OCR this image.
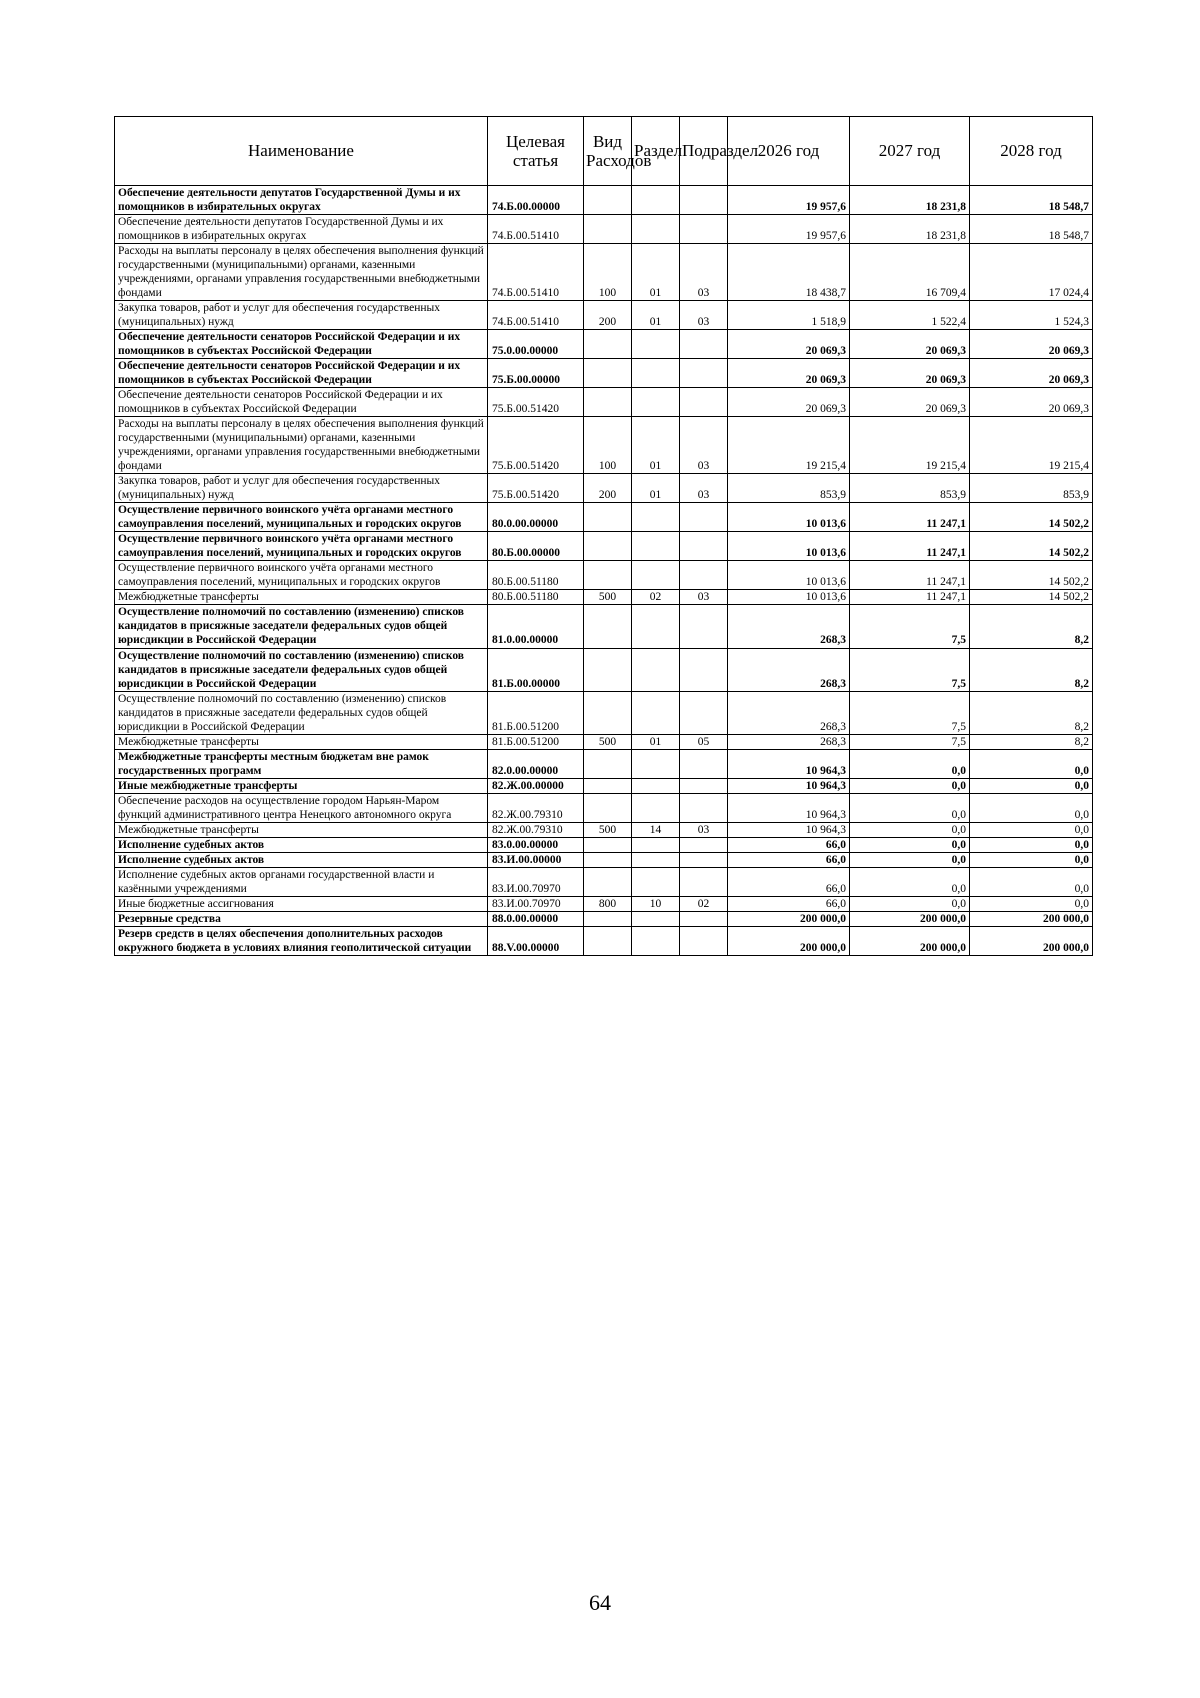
Наименование	Целевая статья	Вид Расходов	Раздел	Подраздел	2026 год	2027 год	2028 год
Обеспечение деятельности депутатов Государственной Думы и их помощников в избирательных округах	74.Б.00.00000				19 957,6	18 231,8	18 548,7
Обеспечение деятельности депутатов Государственной Думы и их помощников в избирательных округах	74.Б.00.51410				19 957,6	18 231,8	18 548,7
Расходы на выплаты персоналу в целях обеспечения выполнения функций государственными (муниципальными) органами, казенными учреждениями, органами управления государственными внебюджетными фондами	74.Б.00.51410	100	01	03	18 438,7	16 709,4	17 024,4
Закупка товаров, работ и услуг для обеспечения государственных (муниципальных) нужд	74.Б.00.51410	200	01	03	1 518,9	1 522,4	1 524,3
Обеспечение деятельности сенаторов Российской Федерации и их помощников в субъектах Российской Федерации	75.0.00.00000				20 069,3	20 069,3	20 069,3
Обеспечение деятельности сенаторов Российской Федерации и их помощников в субъектах Российской Федерации	75.Б.00.00000				20 069,3	20 069,3	20 069,3
Обеспечение деятельности сенаторов Российской Федерации и их помощников в субъектах Российской Федерации	75.Б.00.51420				20 069,3	20 069,3	20 069,3
Расходы на выплаты персоналу в целях обеспечения выполнения функций государственными (муниципальными) органами, казенными учреждениями, органами управления государственными внебюджетными фондами	75.Б.00.51420	100	01	03	19 215,4	19 215,4	19 215,4
Закупка товаров, работ и услуг для обеспечения государственных (муниципальных) нужд	75.Б.00.51420	200	01	03	853,9	853,9	853,9
Осуществление первичного воинского учёта органами местного самоуправления поселений, муниципальных и городских округов	80.0.00.00000				10 013,6	11 247,1	14 502,2
Осуществление первичного воинского учёта органами местного самоуправления поселений, муниципальных и городских округов	80.Б.00.00000				10 013,6	11 247,1	14 502,2
Осуществление первичного воинского учёта органами местного самоуправления поселений, муниципальных и городских округов	80.Б.00.51180				10 013,6	11 247,1	14 502,2
Межбюджетные трансферты	80.Б.00.51180	500	02	03	10 013,6	11 247,1	14 502,2
Осуществление полномочий по составлению (изменению) списков кандидатов в присяжные заседатели федеральных судов общей юрисдикции в Российской Федерации	81.0.00.00000				268,3	7,5	8,2
Осуществление полномочий по составлению (изменению) списков кандидатов в присяжные заседатели федеральных судов общей юрисдикции в Российской Федерации	81.Б.00.00000				268,3	7,5	8,2
Осуществление полномочий по составлению (изменению) списков кандидатов в присяжные заседатели федеральных судов общей юрисдикции в Российской Федерации	81.Б.00.51200				268,3	7,5	8,2
Межбюджетные трансферты	81.Б.00.51200	500	01	05	268,3	7,5	8,2
Межбюджетные трансферты местным бюджетам вне рамок государственных программ	82.0.00.00000				10 964,3	0,0	0,0
Иные межбюджетные трансферты	82.Ж.00.00000				10 964,3	0,0	0,0
Обеспечение расходов на осуществление городом Нарьян-Маром функций административного центра Ненецкого автономного округа	82.Ж.00.79310				10 964,3	0,0	0,0
Межбюджетные трансферты	82.Ж.00.79310	500	14	03	10 964,3	0,0	0,0
Исполнение судебных актов	83.0.00.00000				66,0	0,0	0,0
Исполнение судебных актов	83.И.00.00000				66,0	0,0	0,0
Исполнение судебных актов органами государственной власти и казёнными учреждениями	83.И.00.70970				66,0	0,0	0,0
Иные бюджетные ассигнования	83.И.00.70970	800	10	02	66,0	0,0	0,0
Резервные средства	88.0.00.00000				200 000,0	200 000,0	200 000,0
Резерв средств в целях обеспечения дополнительных расходов окружного бюджета в условиях влияния геополитической ситуации	88.V.00.00000				200 000,0	200 000,0	200 000,0
64
